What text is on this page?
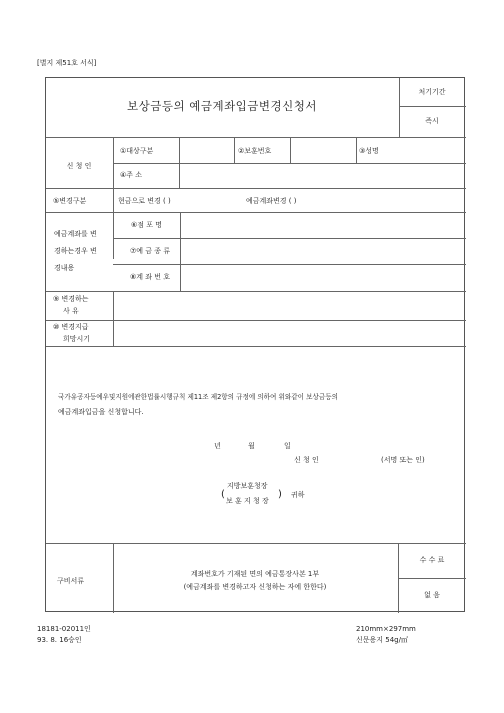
[별지 제51호 서식]
보상금등의 예금계좌입금변경신청서
처기기간
즉시
신 청 인
①대상구분	②보훈번호	③성명
④주 소
⑤변경구분	현금으로 변경 ( )	예금계좌변경 ( )
예금계좌를 변
경하는경우 변
경내용
⑥점 포 명
⑦예 금 종 류
⑧계 좌 번 호
⑨ 변경하는
사 유
⑩ 변경지급
희망시기
국가유공자등예우및지원에관한법률시행규칙 제11조 제2항의 규정에 의하여 위와같이 보상금등의
예금계좌입금을 신청합니다.
년	월	일
신 청 인	(서명 또는 인)
(
지방보훈청장
보 훈 지 청 장
) 귀하
구비서류
계좌번호가 기재된 면의 예금통장사본 1부
(예금계좌를 변경하고자 신청하는 자에 한한다)
수 수 료
없 음
18181-02011인
93. 8. 16승인
210mm×297mm
신문용지 54g/㎡
